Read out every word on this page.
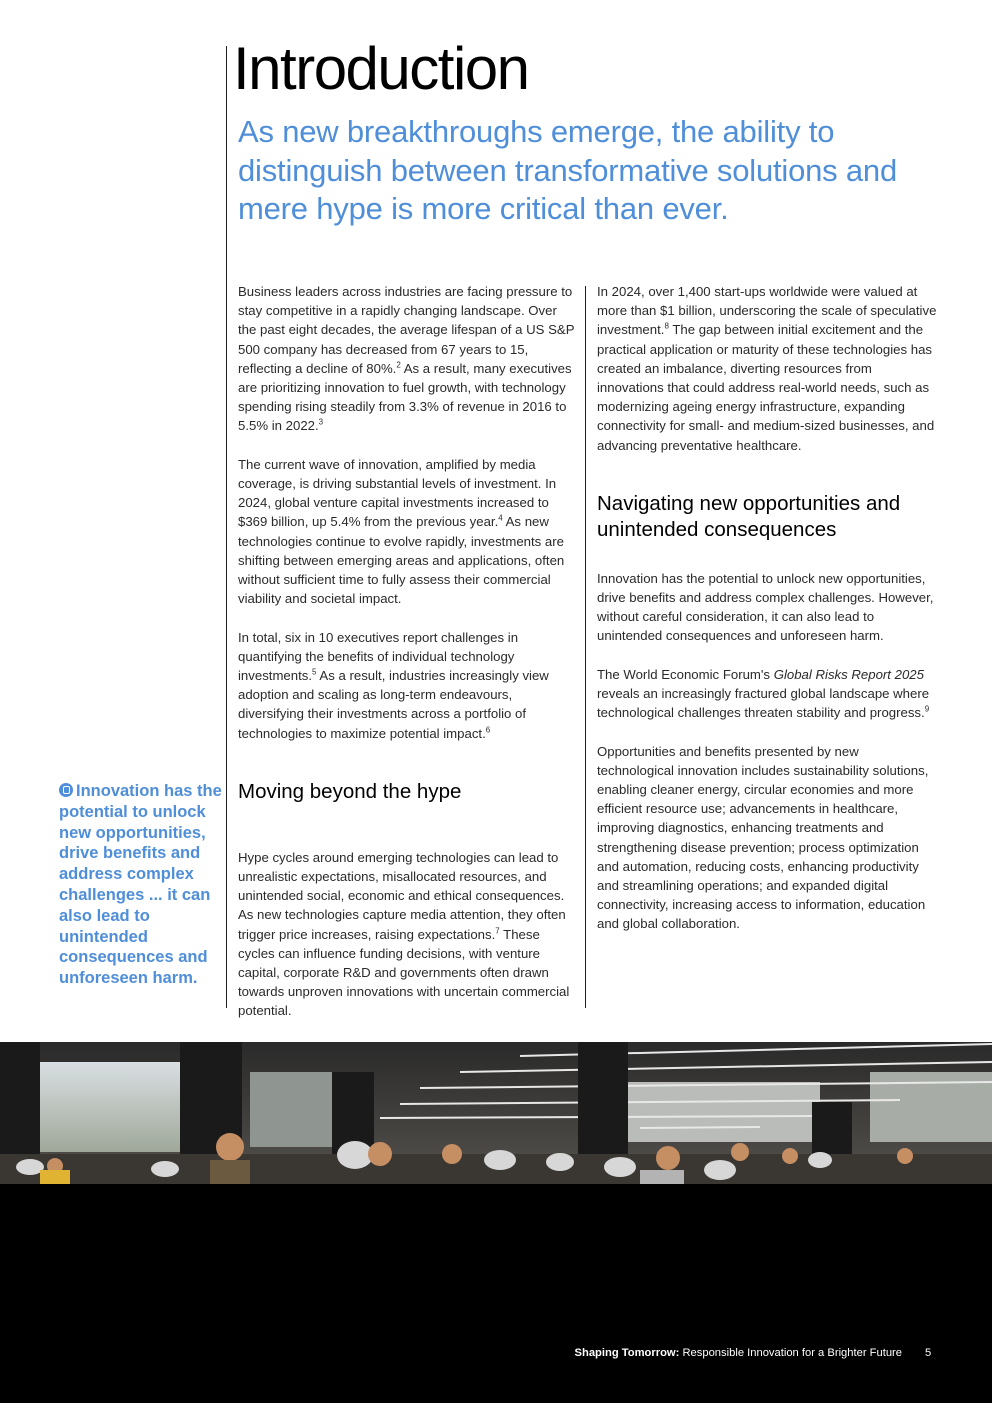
Introduction

As new breakthroughs emerge, the ability to distinguish between transformative solutions and mere hype is more critical than ever.

Business leaders across industries are facing pressure to stay competitive in a rapidly changing landscape. Over the past eight decades, the average lifespan of a US S&P 500 company has decreased from 67 years to 15, reflecting a decline of 80%.$^2$ As a result, many executives are prioritizing innovation to fuel growth, with technology spending rising steadily from 3.3% of revenue in 2016 to 5.5% in 2022.$^3$

The current wave of innovation, amplified by media coverage, is driving substantial levels of investment. In 2024, global venture capital investments increased to $369 billion, up 5.4% from the previous year.$^4$ As new technologies continue to evolve rapidly, investments are shifting between emerging areas and applications, often without sufficient time to fully assess their commercial viability and societal impact.

In total, six in 10 executives report challenges in quantifying the benefits of individual technology investments.$^5$ As a result, industries increasingly view adoption and scaling as long-term endeavours, diversifying their investments across a portfolio of technologies to maximize potential impact.$^6$

Moving beyond the hype

Hype cycles around emerging technologies can lead to unrealistic expectations, misallocated resources, and unintended social, economic and ethical consequences. As new technologies capture media attention, they often trigger price increases, raising expectations.$^7$ These cycles can influence funding decisions, with venture capital, corporate R&D and governments often drawn towards unproven innovations with uncertain commercial potential.

In 2024, over 1,400 start-ups worldwide were valued at more than $1 billion, underscoring the scale of speculative investment.$^8$ The gap between initial excitement and the practical application or maturity of these technologies has created an imbalance, diverting resources from innovations that could address real-world needs, such as modernizing ageing energy infrastructure, expanding connectivity for small- and medium-sized businesses, and advancing preventative healthcare.

Navigating new opportunities and unintended consequences

Innovation has the potential to unlock new opportunities, drive benefits and address complex challenges. However, without careful consideration, it can also lead to unintended consequences and unforeseen harm.

The World Economic Forum's Global Risks Report 2025 reveals an increasingly fractured global landscape where technological challenges threaten stability and progress.$^9$

Opportunities and benefits presented by new technological innovation includes sustainability solutions, enabling cleaner energy, circular economies and more efficient resource use; advancements in healthcare, improving diagnostics, enhancing treatments and strengthening disease prevention; process optimization and automation, reducing costs, enhancing productivity and streamlining operations; and expanded digital connectivity, increasing access to information, education and global collaboration.

Innovation has the potential to unlock new opportunities, drive benefits and address complex challenges ... it can also lead to unintended consequences and unforeseen harm.
Shaping Tomorrow: Responsible Innovation for a Brighter Future 5
